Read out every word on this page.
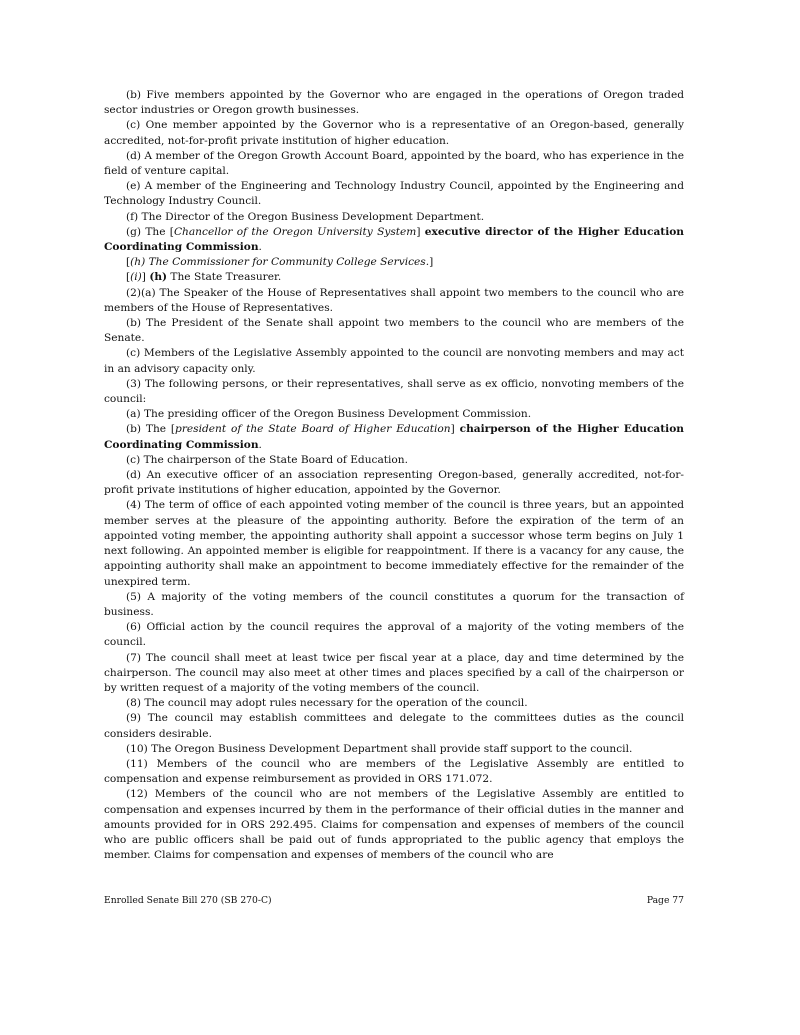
(b) Five members appointed by the Governor who are engaged in the operations of Oregon traded sector industries or Oregon growth businesses.

(c) One member appointed by the Governor who is a representative of an Oregon-based, generally accredited, not-for-profit private institution of higher education.

(d) A member of the Oregon Growth Account Board, appointed by the board, who has experience in the field of venture capital.

(e) A member of the Engineering and Technology Industry Council, appointed by the Engineering and Technology Industry Council.

(f) The Director of the Oregon Business Development Department.

(g) The [Chancellor of the Oregon University System] executive director of the Higher Education Coordinating Commission.

[(h) The Commissioner for Community College Services.]

[(i)] (h) The State Treasurer.

(2)(a) The Speaker of the House of Representatives shall appoint two members to the council who are members of the House of Representatives.

(b) The President of the Senate shall appoint two members to the council who are members of the Senate.

(c) Members of the Legislative Assembly appointed to the council are nonvoting members and may act in an advisory capacity only.

(3) The following persons, or their representatives, shall serve as ex officio, nonvoting members of the council:

(a) The presiding officer of the Oregon Business Development Commission.

(b) The [president of the State Board of Higher Education] chairperson of the Higher Education Coordinating Commission.

(c) The chairperson of the State Board of Education.

(d) An executive officer of an association representing Oregon-based, generally accredited, not-for-profit private institutions of higher education, appointed by the Governor.

(4) The term of office of each appointed voting member of the council is three years, but an appointed member serves at the pleasure of the appointing authority. Before the expiration of the term of an appointed voting member, the appointing authority shall appoint a successor whose term begins on July 1 next following. An appointed member is eligible for reappointment. If there is a vacancy for any cause, the appointing authority shall make an appointment to become immediately effective for the remainder of the unexpired term.

(5) A majority of the voting members of the council constitutes a quorum for the transaction of business.

(6) Official action by the council requires the approval of a majority of the voting members of the council.

(7) The council shall meet at least twice per fiscal year at a place, day and time determined by the chairperson. The council may also meet at other times and places specified by a call of the chairperson or by written request of a majority of the voting members of the council.

(8) The council may adopt rules necessary for the operation of the council.

(9) The council may establish committees and delegate to the committees duties as the council considers desirable.

(10) The Oregon Business Development Department shall provide staff support to the council.

(11) Members of the council who are members of the Legislative Assembly are entitled to compensation and expense reimbursement as provided in ORS 171.072.

(12) Members of the council who are not members of the Legislative Assembly are entitled to compensation and expenses incurred by them in the performance of their official duties in the manner and amounts provided for in ORS 292.495. Claims for compensation and expenses of members of the council who are public officers shall be paid out of funds appropriated to the public agency that employs the member. Claims for compensation and expenses of members of the council who are

Enrolled Senate Bill 270 (SB 270-C)	Page 77
